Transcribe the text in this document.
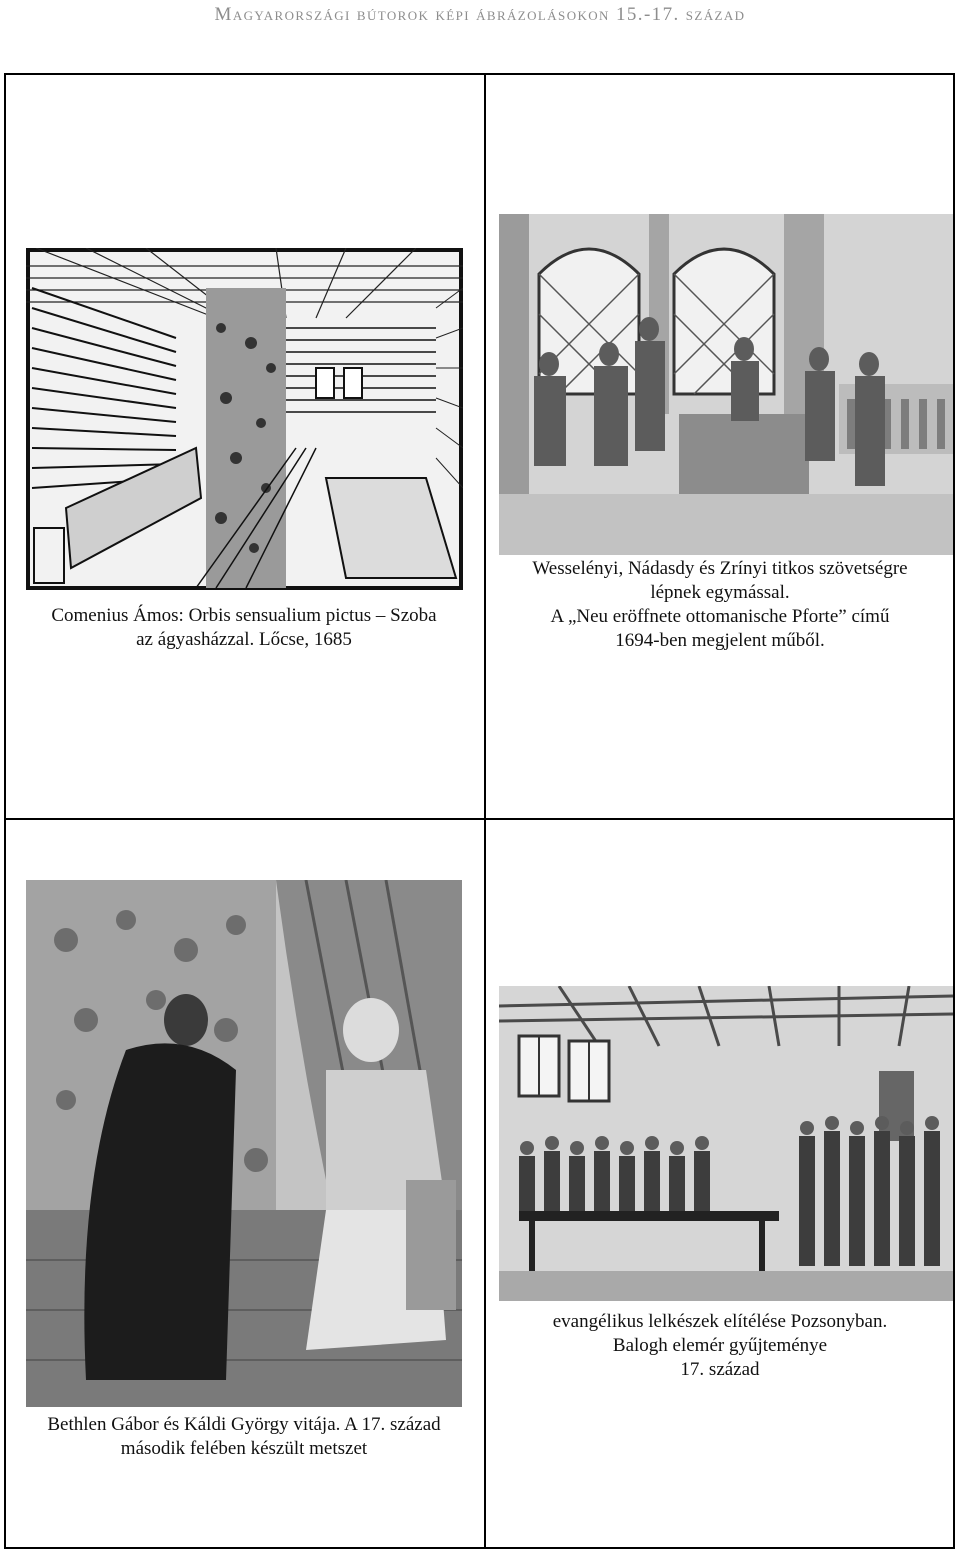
Magyarországi bútorok képi ábrázolásokon 15.-17. század
Comenius Ámos: Orbis sensualium pictus – Szoba
az ágyasházzal. Lőcse, 1685
Wesselényi, Nádasdy és Zrínyi titkos szövetségre
lépnek egymással.
A „Neu eröffnete ottomanische Pforte” című
1694-ben megjelent műből.
Bethlen Gábor és Káldi György vitája. A 17. század
második felében készült metszet
evangélikus lelkészek elítélése Pozsonyban.
Balogh elemér gyűjteménye
17. század
